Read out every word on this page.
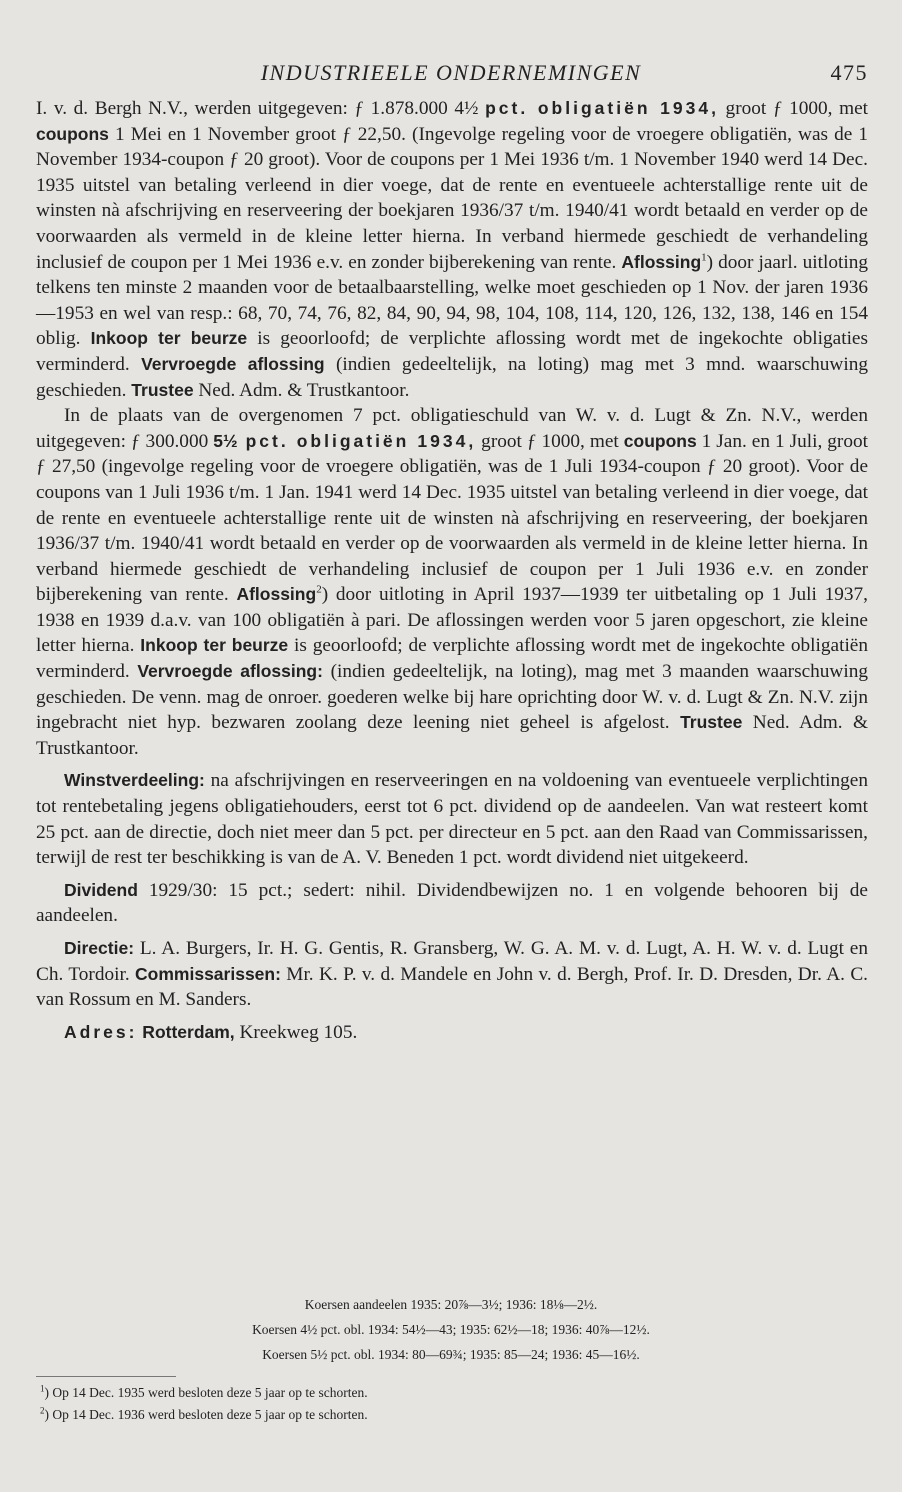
INDUSTRIEELE ONDERNEMINGEN	475

I. v. d. Bergh N.V., werden uitgegeven: ƒ 1.878.000 4½ pct. obligatiën 1934, groot ƒ 1000, met coupons 1 Mei en 1 November groot ƒ 22,50. (Ingevolge regeling voor de vroegere obligatiën, was de 1 November 1934-coupon ƒ 20 groot). Voor de coupons per 1 Mei 1936 t/m. 1 November 1940 werd 14 Dec. 1935 uitstel van betaling verleend in dier voege, dat de rente en eventueele achterstallige rente uit de winsten nà afschrijving en reserveering der boekjaren 1936/37 t/m. 1940/41 wordt betaald en verder op de voorwaarden als vermeld in de kleine letter hierna. In verband hiermede geschiedt de verhandeling inclusief de coupon per 1 Mei 1936 e.v. en zonder bijberekening van rente. Aflossing$^1$) door jaarl. uitloting telkens ten minste 2 maanden voor de betaalbaarstelling, welke moet geschieden op 1 Nov. der jaren 1936—1953 en wel van resp.: 68, 70, 74, 76, 82, 84, 90, 94, 98, 104, 108, 114, 120, 126, 132, 138, 146 en 154 oblig. Inkoop ter beurze is geoorloofd; de verplichte aflossing wordt met de ingekochte obligaties verminderd. Vervroegde aflossing (indien gedeeltelijk, na loting) mag met 3 mnd. waarschuwing geschieden. Trustee Ned. Adm. & Trustkantoor.

In de plaats van de overgenomen 7 pct. obligatieschuld van W. v. d. Lugt & Zn. N.V., werden uitgegeven: ƒ 300.000 5½ pct. obligatiën 1934, groot ƒ 1000, met coupons 1 Jan. en 1 Juli, groot ƒ 27,50 (ingevolge regeling voor de vroegere obligatiën, was de 1 Juli 1934-coupon ƒ 20 groot). Voor de coupons van 1 Juli 1936 t/m. 1 Jan. 1941 werd 14 Dec. 1935 uitstel van betaling verleend in dier voege, dat de rente en eventueele achterstallige rente uit de winsten nà afschrijving en reserveering, der boekjaren 1936/37 t/m. 1940/41 wordt betaald en verder op de voorwaarden als vermeld in de kleine letter hierna. In verband hiermede geschiedt de verhandeling inclusief de coupon per 1 Juli 1936 e.v. en zonder bijberekening van rente. Aflossing$^2$) door uitloting in April 1937—1939 ter uitbetaling op 1 Juli 1937, 1938 en 1939 d.a.v. van 100 obligatiën à pari. De aflossingen werden voor 5 jaren opgeschort, zie kleine letter hierna. Inkoop ter beurze is geoorloofd; de verplichte aflossing wordt met de ingekochte obligatiën verminderd. Vervroegde aflossing: (indien gedeeltelijk, na loting), mag met 3 maanden waarschuwing geschieden. De venn. mag de onroer. goederen welke bij hare oprichting door W. v. d. Lugt & Zn. N.V. zijn ingebracht niet hyp. bezwaren zoolang deze leening niet geheel is afgelost. Trustee Ned. Adm. & Trustkantoor.

Winstverdeeling: na afschrijvingen en reserveeringen en na voldoening van eventueele verplichtingen tot rentebetaling jegens obligatiehouders, eerst tot 6 pct. dividend op de aandeelen. Van wat resteert komt 25 pct. aan de directie, doch niet meer dan 5 pct. per directeur en 5 pct. aan den Raad van Commissarissen, terwijl de rest ter beschikking is van de A. V. Beneden 1 pct. wordt dividend niet uitgekeerd.

Dividend 1929/30: 15 pct.; sedert: nihil. Dividendbewijzen no. 1 en volgende behooren bij de aandeelen.

Directie: L. A. Burgers, Ir. H. G. Gentis, R. Gransberg, W. G. A. M. v. d. Lugt, A. H. W. v. d. Lugt en Ch. Tordoir. Commissarissen: Mr. K. P. v. d. Mandele en John v. d. Bergh, Prof. Ir. D. Dresden, Dr. A. C. van Rossum en M. Sanders.

Adres: Rotterdam, Kreekweg 105.

Koersen aandeelen 1935: 20⅞—3½; 1936: 18⅛—2½.
Koersen 4½ pct. obl. 1934: 54½—43; 1935: 62½—18; 1936: 40⅞—12½.
Koersen 5½ pct. obl. 1934: 80—69¾; 1935: 85—24; 1936: 45—16½.
$^1$) Op 14 Dec. 1935 werd besloten deze 5 jaar op te schorten.
$^2$) Op 14 Dec. 1936 werd besloten deze 5 jaar op te schorten.
